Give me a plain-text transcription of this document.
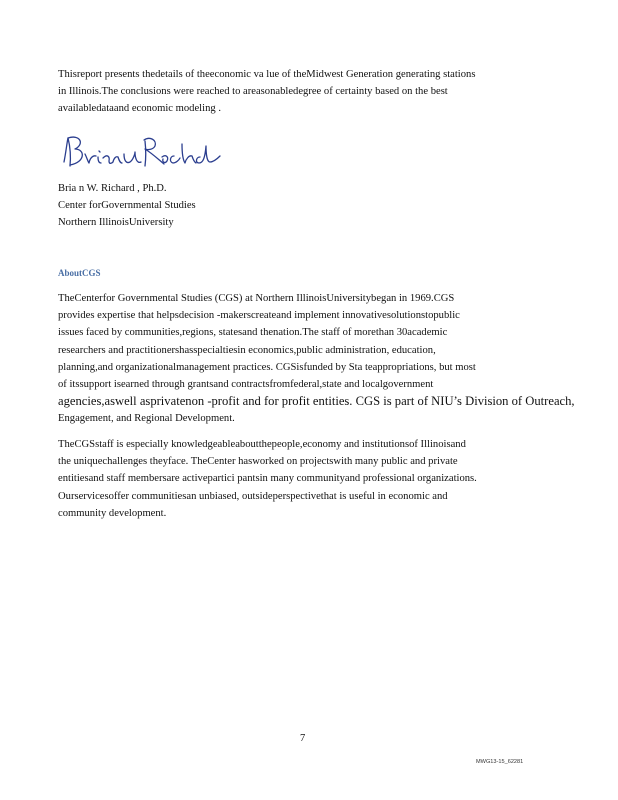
Thisreport presents thedetails of theeconomic va lue of theMidwest Generation generating stations
in Illinois.The conclusions were reached to areasonabledegree of certainty based on the best
availabledataand economic modeling .

Bria n W. Richard , Ph.D.
Center forGovernmental Studies
Northern IllinoisUniversity

AboutCGS

TheCenterfor Governmental Studies (CGS) at Northern IllinoisUniversitybegan in 1969.CGS
provides expertise that helpsdecision -makerscreateand implement innovativesolutionstopublic
issues faced by communities,regions, statesand thenation.The staff of morethan 30academic
researchers and practitionershasspecialtiesin economics,public administration, education,
planning,and organizationalmanagement practices. CGSisfunded by Sta teappropriations, but most
of itssupport isearned through grantsand contractsfromfederal,state and localgovernment
agencies,aswell asprivatenon -profit and for profit entities. CGS is part of NIU’s Division of Outreach,
Engagement, and Regional Development.

TheCGSstaff is especially knowledgeableaboutthepeople,economy and institutionsof Illinoisand
the uniquechallenges theyface. TheCenter hasworked on projectswith many public and private
entitiesand staff membersare activepartici pantsin many communityand professional organizations.
Ourservicesoffer communitiesan unbiased, outsideperspectivethat is useful in economic and
community development.

7

MWG13-15_62281
